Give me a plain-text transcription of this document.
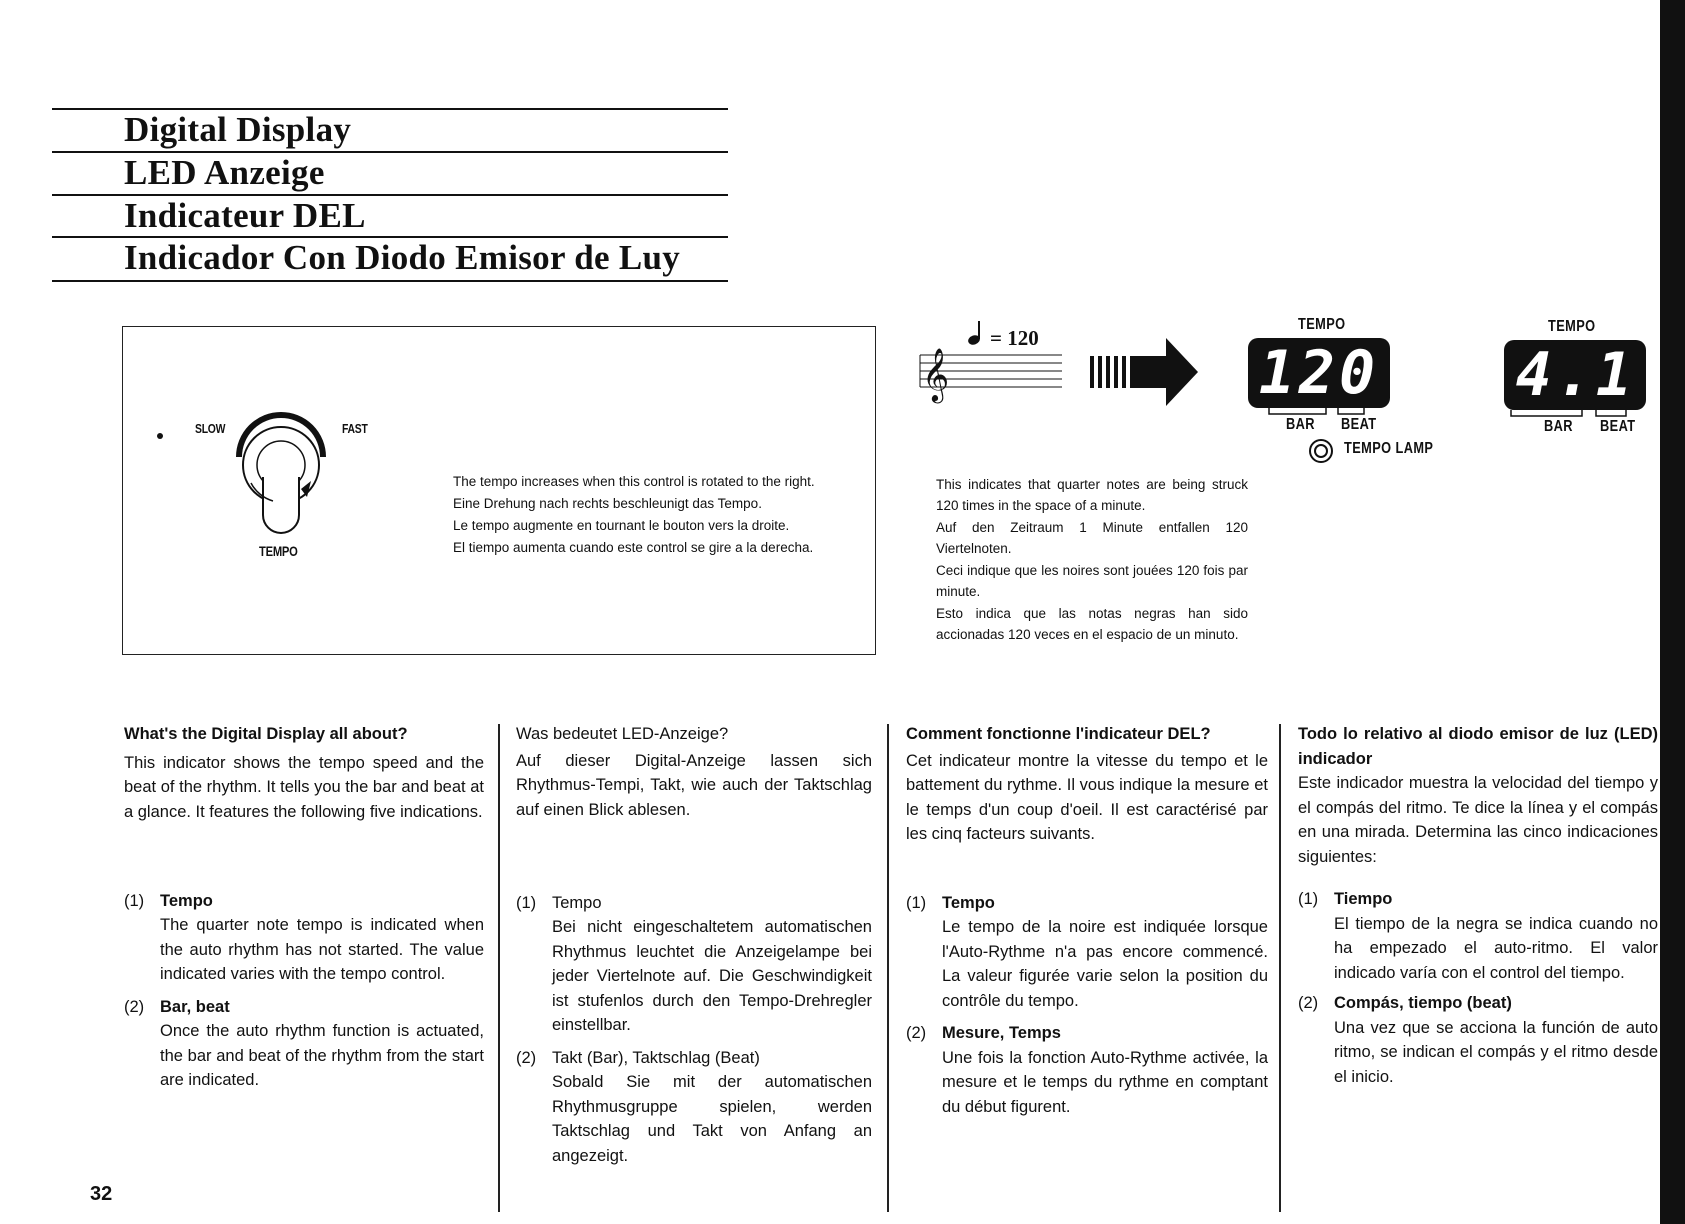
Digital Display
LED Anzeige
Indicateur DEL
Indicador Con Diodo Emisor de Luy
SLOW	FAST
TEMPO

The tempo increases when this control is rotated to the right.

Eine Drehung nach rechts beschleunigt das Tempo.

Le tempo augmente en tournant le bouton vers la droite.

El tiempo aumenta cuando este control se gire a la derecha.

𝄞
= 120
TEMPO
120
BAR BEAT
TEMPO LAMP
TEMPO
4.1
BAR BEAT

This indicates that quarter notes are being struck 120 times in the space of a minute.

Auf den Zeitraum 1 Minute entfallen 120 Viertelnoten.

Ceci indique que les noires sont jouées 120 fois par minute.

Esto indica que las notas negras han sido accionadas 120 veces en el espacio de un minuto.

What's the Digital Display all about?

This indicator shows the tempo speed and the beat of the rhythm. It tells you the bar and beat at a glance. It features the following five indications.

(1) Tempo
The quarter note tempo is indicated when the auto rhythm has not started. The value indicated varies with the tempo control.
(2) Bar, beat
Once the auto rhythm function is actuated, the bar and beat of the rhythm from the start are indicated.

Was bedeutet LED-Anzeige?

Auf dieser Digital-Anzeige lassen sich Rhythmus-Tempi, Takt, wie auch der Taktschlag auf einen Blick ablesen.

(1) Tempo
Bei nicht eingeschaltetem automatischen Rhythmus leuchtet die Anzeigelampe bei jeder Viertelnote auf. Die Geschwindigkeit ist stufenlos durch den Tempo-Drehregler einstellbar.
(2) Takt (Bar), Taktschlag (Beat)
Sobald Sie mit der automatischen Rhythmusgruppe spielen, werden Taktschlag und Takt von Anfang an angezeigt.

Comment fonctionne l'indicateur DEL?

Cet indicateur montre la vitesse du tempo et le battement du rythme. Il vous indique la mesure et le temps d'un coup d'oeil. Il est caractérisé par les cinq facteurs suivants.

(1) Tempo
Le tempo de la noire est indiquée lorsque l'Auto-Rythme n'a pas encore commencé. La valeur figurée varie selon la position du contrôle du tempo.
(2) Mesure, Temps
Une fois la fonction Auto-Rythme activée, la mesure et le temps du rythme en comptant du début figurent.

Todo lo relativo al diodo emisor de luz (LED) indicador

Este indicador muestra la velocidad del tiempo y el compás del ritmo. Te dice la línea y el compás en una mirada. Determina las cinco indicaciones siguientes:

(1) Tiempo
El tiempo de la negra se indica cuando no ha empezado el auto-ritmo. El valor indicado varía con el control del tiempo.
(2) Compás, tiempo (beat)
Una vez que se acciona la función de auto ritmo, se indican el compás y el ritmo desde el inicio.
32
